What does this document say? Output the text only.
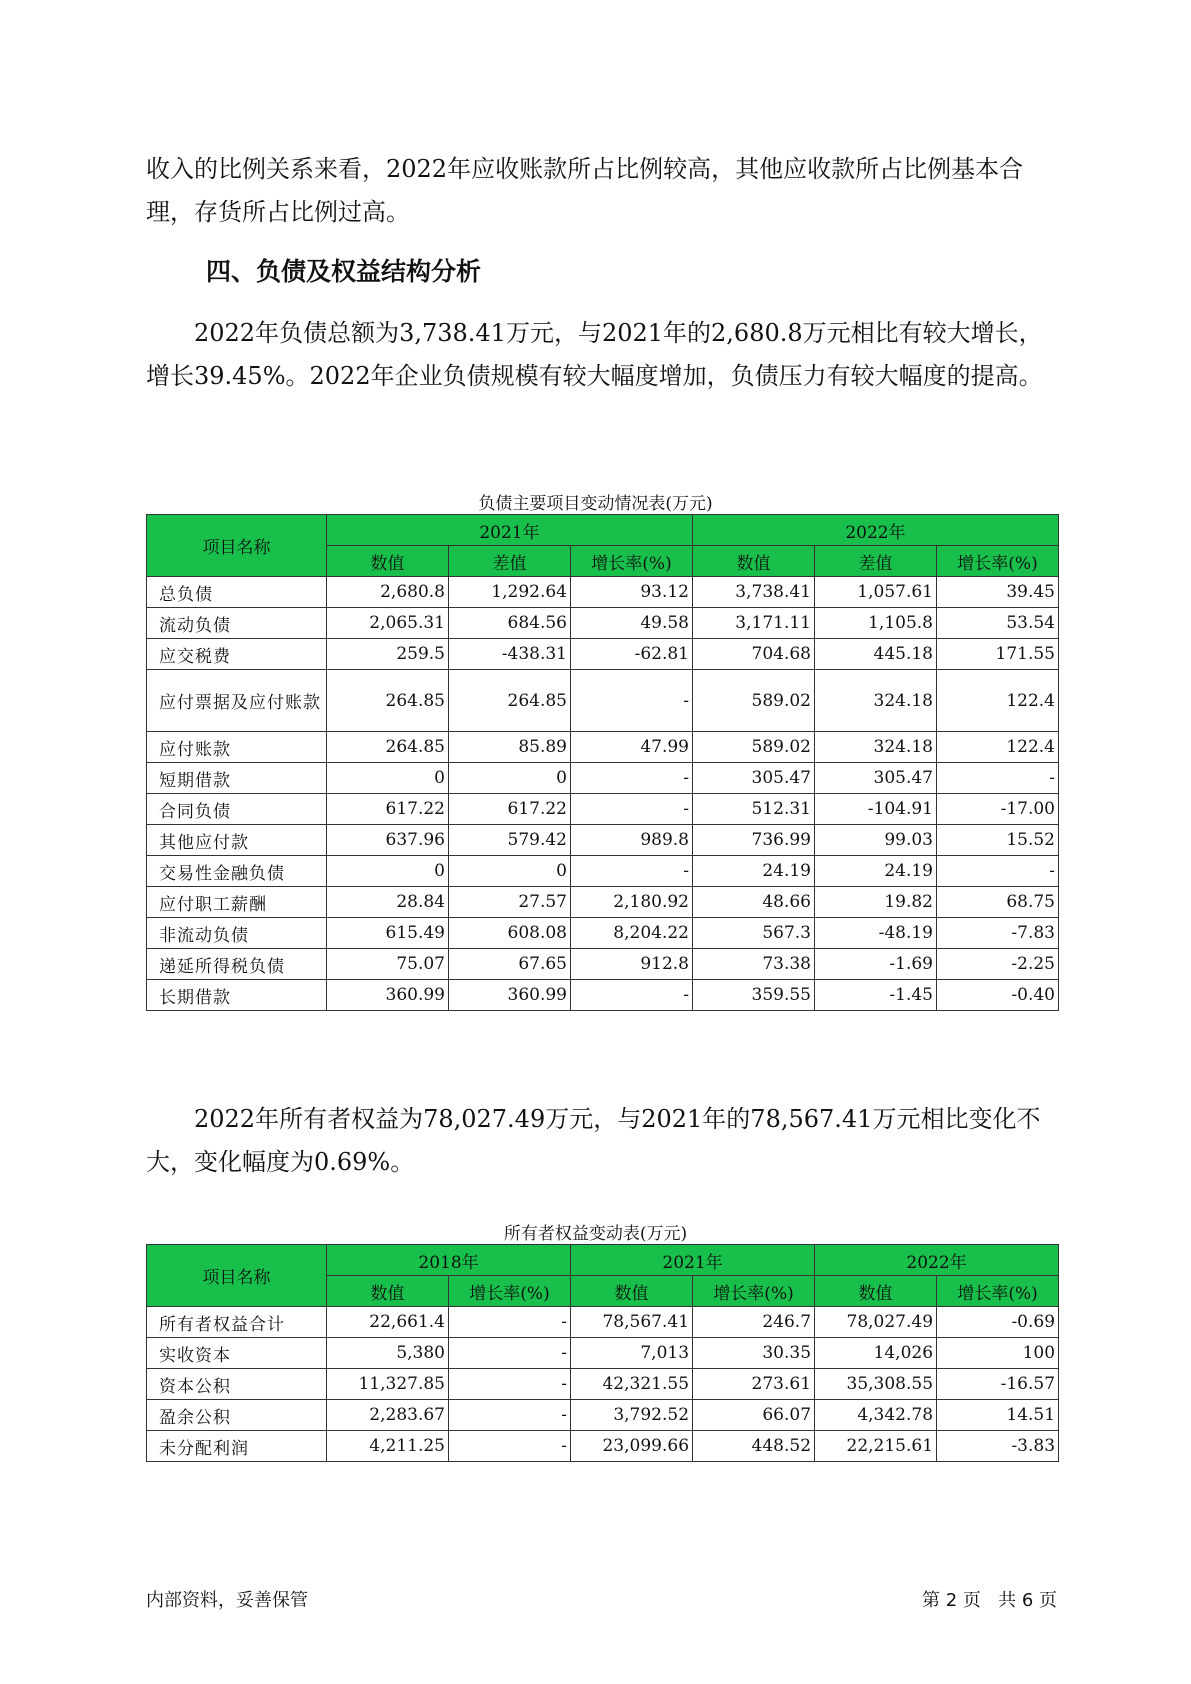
收入的比例关系来看，2022年应收账款所占比例较高，其他应收款所占比例基本合理，存货所占比例过高。
四、负债及权益结构分析
2022年负债总额为3,738.41万元，与2021年的2,680.8万元相比有较大增长，增长39.45%。2022年企业负债规模有较大幅度增加，负债压力有较大幅度的提高。
负债主要项目变动情况表(万元)
项目名称	2021年			2022年		
	数值	差值	增长率(%)	数值	差值	增长率(%)
总负债	2,680.8	1,292.64	93.12	3,738.41	1,057.61	39.45
流动负债	2,065.31	684.56	49.58	3,171.11	1,105.8	53.54
应交税费	259.5	-438.31	-62.81	704.68	445.18	171.55
应付票据及应付账款	264.85	264.85	-	589.02	324.18	122.4
应付账款	264.85	85.89	47.99	589.02	324.18	122.4
短期借款	0	0	-	305.47	305.47	-
合同负债	617.22	617.22	-	512.31	-104.91	-17.00
其他应付款	637.96	579.42	989.8	736.99	99.03	15.52
交易性金融负债	0	0	-	24.19	24.19	-
应付职工薪酬	28.84	27.57	2,180.92	48.66	19.82	68.75
非流动负债	615.49	608.08	8,204.22	567.3	-48.19	-7.83
递延所得税负债	75.07	67.65	912.8	73.38	-1.69	-2.25
长期借款	360.99	360.99	-	359.55	-1.45	-0.40
2022年所有者权益为78,027.49万元，与2021年的78,567.41万元相比变化不大，变化幅度为0.69%。
所有者权益变动表(万元)
项目名称	2018年		2021年		2022年	
	数值	增长率(%)	数值	增长率(%)	数值	增长率(%)
所有者权益合计	22,661.4	-	78,567.41	246.7	78,027.49	-0.69
实收资本	5,380	-	7,013	30.35	14,026	100
资本公积	11,327.85	-	42,321.55	273.61	35,308.55	-16.57
盈余公积	2,283.67	-	3,792.52	66.07	4,342.78	14.51
未分配利润	4,211.25	-	23,099.66	448.52	22,215.61	-3.83
内部资料，妥善保管	第 2 页   共 6 页
